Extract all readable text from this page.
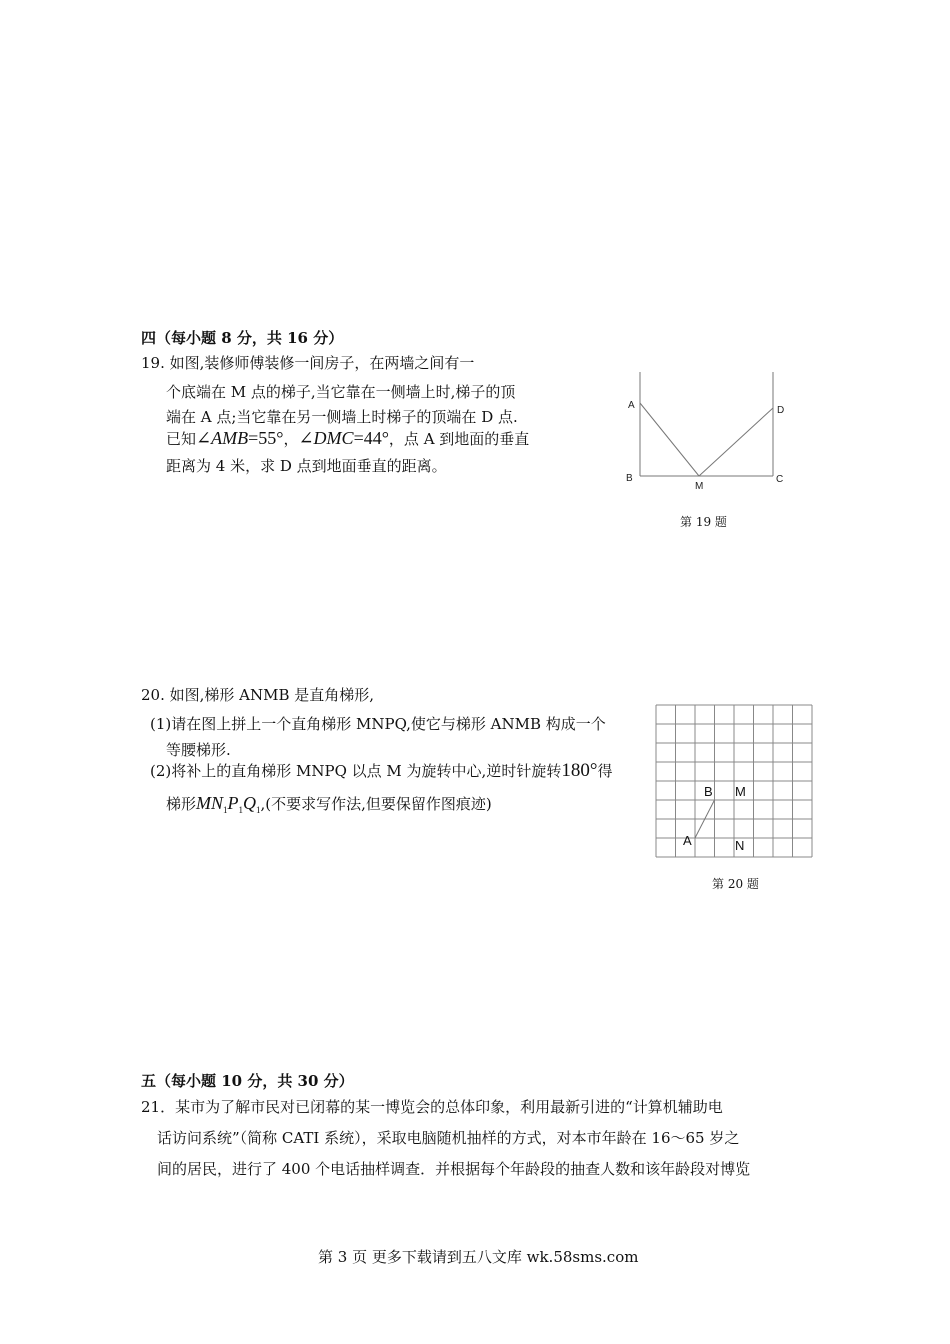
四（每小题 8 分，共 16 分）
19. 如图,装修师傅装修一间房子，在两墙之间有一
个底端在 M 点的梯子,当它靠在一侧墙上时,梯子的顶
端在 A 点;当它靠在另一侧墙上时梯子的顶端在 D 点.
已知∠AMB=55°，∠DMC=44°，点 A 到地面的垂直
距离为 4 米，求 D 点到地面垂直的距离。
A
B
M
C
D
第 19 题
20. 如图,梯形 ANMB 是直角梯形,
(1)请在图上拼上一个直角梯形 MNPQ,使它与梯形 ANMB 构成一个
等腰梯形.
(2)将补上的直角梯形 MNPQ 以点 M 为旋转中心,逆时针旋转180°得
梯形$MN_1P_1Q_1$,(不要求写作法,但要保留作图痕迹)
B M
A	N
第 20 题
五（每小题 10 分，共 30 分）
21．某市为了解市民对已闭幕的某一博览会的总体印象，利用最新引进的“计算机辅助电
话访问系统”（简称 CATI 系统），采取电脑随机抽样的方式，对本市年龄在 16～65 岁之
间的居民，进行了 400 个电话抽样调查．并根据每个年龄段的抽查人数和该年龄段对博览
第 3 页 更多下载请到五八文库 wk.58sms.com
